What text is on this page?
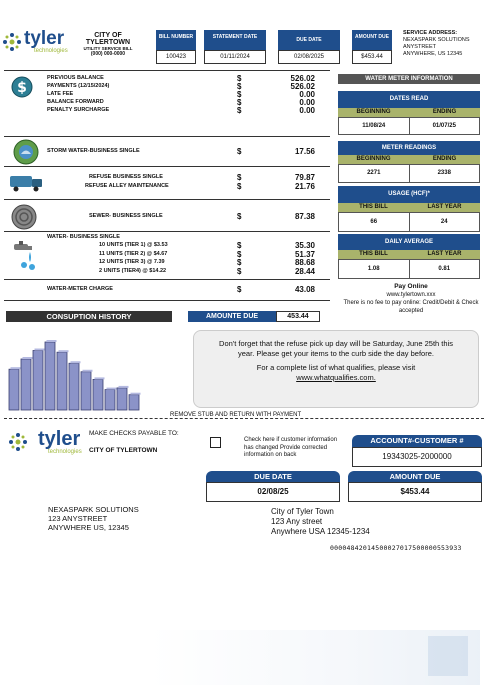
tyler
technologies
CITY OF
TYLERTOWN
UTILITY SERVICE BILL
(000) 000-0000
BILL NUMBER
100423
STATEMENT DATE
01/11/2024
DUE DATE
02/08/2025
AMOUNT DUE
$453.44
SERVICE ADDRESS:
NEXASPARK SOLUTIONS
ANYSTREET
ANYWHERE, US 12345
$
PREVIOUS BALANCE	$	526.02
PAYMENTS (12/15/2024)	$	526.02
LATE FEE	$	0.00
BALANCE FORWARD	$	0.00
PENALTY SURCHARGE	$	0.00
STORM WATER-BUSINESS SINGLE	$	17.56
REFUSE BUSINESS SINGLE	$	79.87
REFUSE ALLEY MAINTENANCE	$	21.76
SEWER- BUSINESS SINGLE	$	87.38
WATER- BUSINESS SINGLE
10 UNITS (TIER 1) @ $3.53	$	35.30
11 UNITS (TIER 2) @ $4.67	$	51.37
12 UNITS (TIER 3) @ 7.39	$	88.68
2 UNITS (TIER4) @ $14.22	$	28.44
WATER-METER CHARGE	$	43.08
WATER METER INFORMATION
DATES READ
BEGINNING	ENDING
11/08/24	01/07/25
METER READINGS
BEGINNING	ENDING
2271	2338
USAGE (HCF)*
THIS BILL	LAST YEAR
66	24
DAILY AVERAGE
THIS BILL	LAST YEAR
1.08	0.81
Pay Online
www.tylertown.xxx
There is no fee to pay online: Credit/Debit & Check accepted
CONSUPTION HISTORY	AMOUNTE DUE	453.44
Don't forget that the refuse pick up day will be Saturday, June 25th this year. Please get your items to the curb side the day before.
For a complete list of what qualifies, please visit
www.whatqualifies.com.
REMOVE STUB AND RETURN WITH PAYMENT
tyler
technologies
MAKE CHECKS PAYABLE TO:
CITY OF TYLERTOWN
Check here if customer information has changed Provide corrected information on back
ACCOUNT#-CUSTOMER #
19343025-2000000
DUE DATE
02/08/25
AMOUNT DUE
$453.44
NEXASPARK SOLUTIONS
123 ANYSTREET
ANYWHERE US, 12345
City of Tyler Town
123 Any street
Anywhere USA 12345-1234
00004842014500027017500000553933
